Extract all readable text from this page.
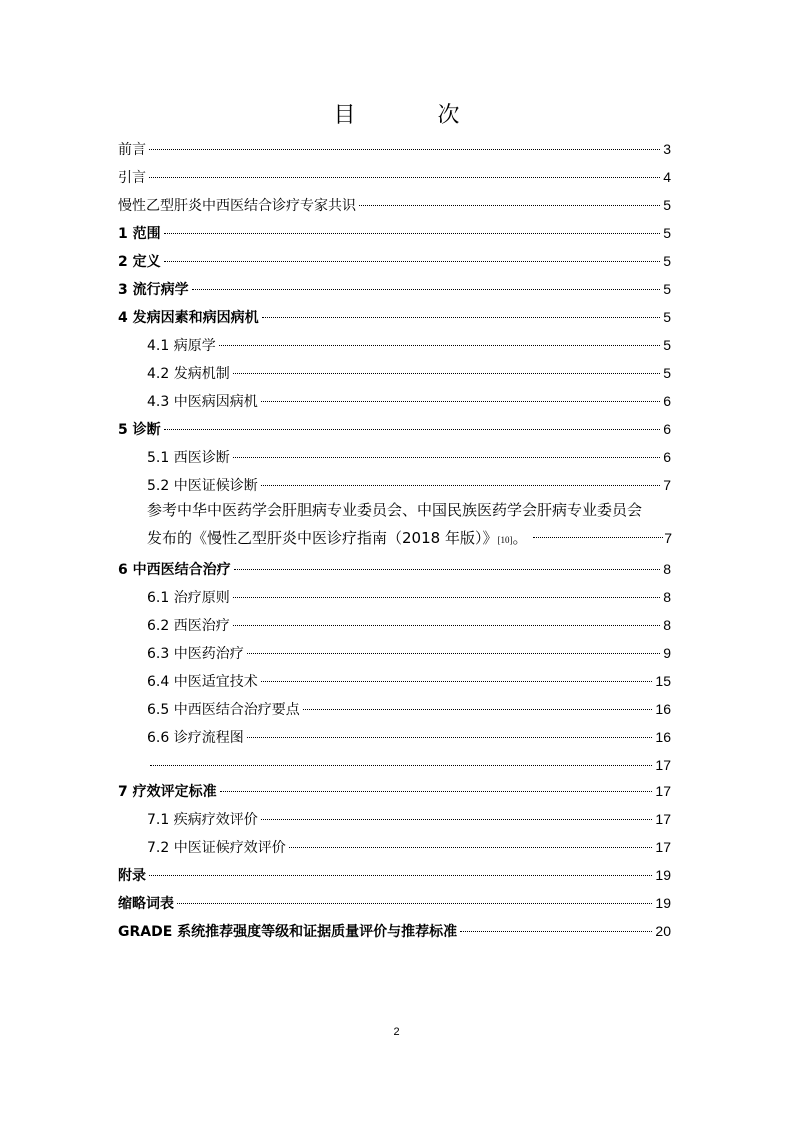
目　次
前言	3
引言	4
慢性乙型肝炎中西医结合诊疗专家共识	5
1 范围	5
2 定义	5
3 流行病学	5
4 发病因素和病因病机	5
4.1 病原学	5
4.2 发病机制	5
4.3 中医病因病机	6
5 诊断	6
5.1 西医诊断	6
5.2 中医证候诊断	7
参考中华中医药学会肝胆病专业委员会、中国民族医药学会肝病专业委员会
发布的《慢性乙型肝炎中医诊疗指南（2018 年版）》 [10] 。	7
6 中西医结合治疗	8
6.1 治疗原则	8
6.2 西医治疗	8
6.3 中医药治疗	9
6.4 中医适宜技术	15
6.5 中西医结合治疗要点	16
6.6 诊疗流程图	16
17
7 疗效评定标准	17
7.1 疾病疗效评价	17
7.2 中医证候疗效评价	17
附录	19
缩略词表	19
GRADE 系统推荐强度等级和证据质量评价与推荐标准	20
2
